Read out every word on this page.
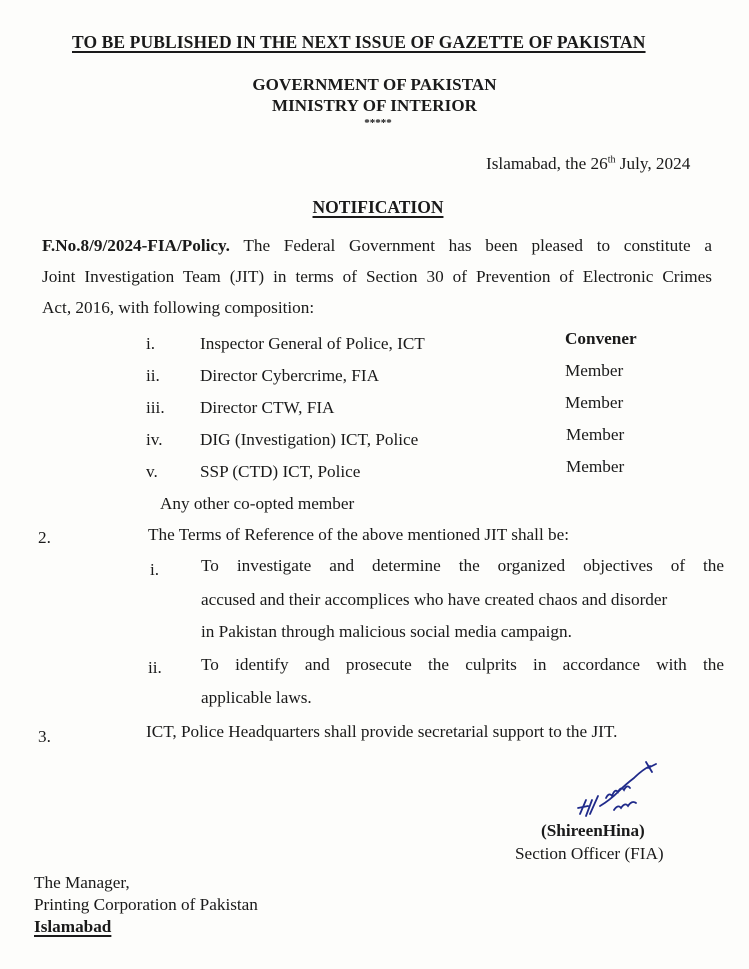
TO BE PUBLISHED IN THE NEXT ISSUE OF GAZETTE OF PAKISTAN
GOVERNMENT OF PAKISTAN
MINISTRY OF INTERIOR
*****
Islamabad, the 26th July, 2024
NOTIFICATION
F.No.8/9/2024-FIA/Policy. The Federal Government has been pleased to constitute a
Joint Investigation Team (JIT) in terms of Section 30 of Prevention of Electronic Crimes
Act, 2016, with following composition:
i.	Inspector General of Police, ICT	Convener
ii. Director Cybercrime, FIA	Member
iii. Director CTW, FIA	Member
iv. DIG (Investigation) ICT, Police	Member
v. SSP (CTD) ICT, Police	Member
Any other co-opted member
2.	The Terms of Reference of the above mentioned JIT shall be:
i. To investigate and determine the organized objectives of the
accused and their accomplices who have created chaos and disorder
in Pakistan through malicious social media campaign.
ii. To identify and prosecute the culprits in accordance with the
applicable laws.
3.	ICT, Police Headquarters shall provide secretarial support to the JIT.
(ShireenHina)
Section Officer (FIA)
The Manager,
Printing Corporation of Pakistan
Islamabad
